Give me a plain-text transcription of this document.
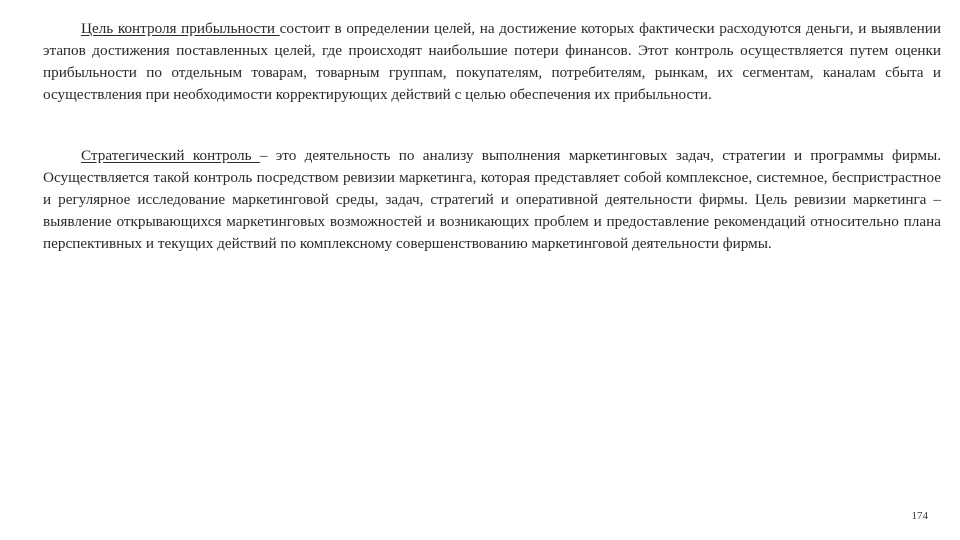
Цель контроля прибыльности состоит в определении целей, на достижение которых фактически расходуются деньги, и выявлении этапов достижения поставленных целей, где происходят наибольшие потери финансов. Этот контроль осуществляется путем оценки прибыльности по отдельным товарам, товарным группам, покупателям, потребителям, рынкам, их сегментам, каналам сбыта и осуществления при необходимости корректирующих действий с целью обеспечения их прибыльности.

Стратегический контроль – это деятельность по анализу выполнения маркетинговых задач, стратегии и программы фирмы. Осуществляется такой контроль посредством ревизии маркетинга, которая представляет собой комплексное, системное, беспристрастное и регулярное исследование маркетинговой среды, задач, стратегий и оперативной деятельности фирмы. Цель ревизии маркетинга – выявление открывающихся маркетинговых возможностей и возникающих проблем и предоставление рекомендаций относительно плана перспективных и текущих действий по комплексному совершенствованию маркетинговой деятельности фирмы.

174
